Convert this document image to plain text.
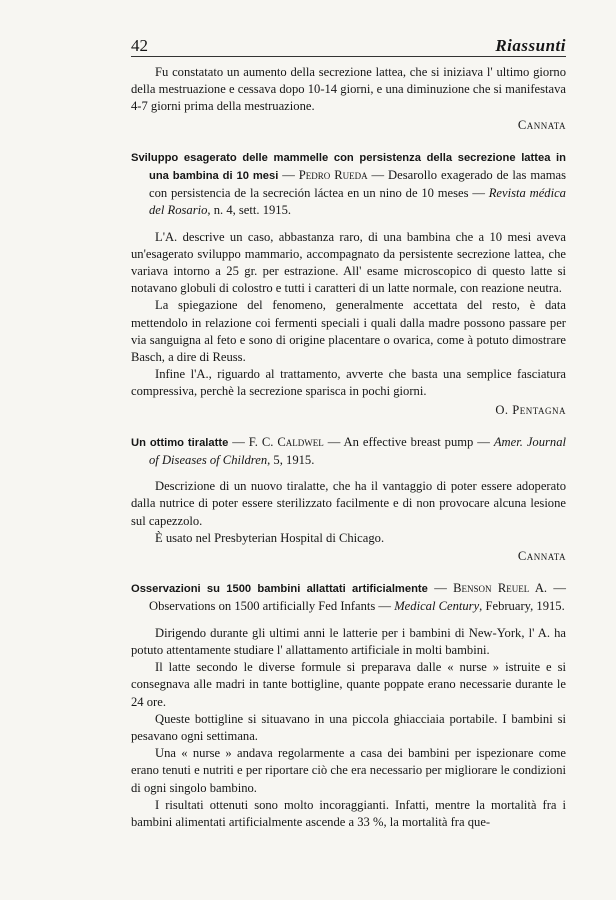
42	Riassunti

Fu constatato un aumento della secrezione lattea, che si iniziava l' ultimo giorno della mestruazione e cessava dopo 10-14 giorni, e una diminuzione che si manifestava 4-7 giorni prima della mestruazione.

Cannata

Sviluppo esagerato delle mammelle con persistenza della secrezione lattea in una bambina di 10 mesi — Pedro Rueda — Desarollo exagerado de las mamas con persistencia de la secreción láctea en un nino de 10 meses — Revista médica del Rosario, n. 4, sett. 1915.

L'A. descrive un caso, abbastanza raro, di una bambina che a 10 mesi aveva un'esagerato sviluppo mammario, accompagnato da persistente secrezione lattea, che variava intorno a 25 gr. per estrazione. All' esame microscopico di questo latte si notavano globuli di colostro e tutti i caratteri di un latte normale, con reazione neutra.

La spiegazione del fenomeno, generalmente accettata del resto, è data mettendolo in relazione coi fermenti speciali i quali dalla madre possono passare per via sanguigna al feto e sono di origine placentare o ovarica, come à potuto dimostrare Basch, a dire di Reuss.

Infine l'A., riguardo al trattamento, avverte che basta una semplice fasciatura compressiva, perchè la secrezione sparisca in pochi giorni.

O. Pentagna

Un ottimo tiralatte — F. C. Caldwel — An effective breast pump — Amer. Journal of Diseases of Children, 5, 1915.

Descrizione di un nuovo tiralatte, che ha il vantaggio di poter essere adoperato dalla nutrice di poter essere sterilizzato facilmente e di non provocare alcuna lesione sul capezzolo.

È usato nel Presbyterian Hospital di Chicago.

Cannata

Osservazioni su 1500 bambini allattati artificialmente — Benson Reuel A. — Observations on 1500 artificially Fed Infants — Medical Century, February, 1915.

Dirigendo durante gli ultimi anni le latterie per i bambini di New-York, l' A. ha potuto attentamente studiare l' allattamento artificiale in molti bambini.

Il latte secondo le diverse formule si preparava dalle « nurse » istruite e si consegnava alle madri in tante bottigline, quante poppate erano necessarie durante le 24 ore.

Queste bottigline si situavano in una piccola ghiacciaia portabile. I bambini si pesavano ogni settimana.

Una « nurse » andava regolarmente a casa dei bambini per ispezionare come erano tenuti e nutriti e per riportare ciò che era necessario per migliorare le condizioni di ogni singolo bambino.

I risultati ottenuti sono molto incoraggianti. Infatti, mentre la mortalità fra i bambini alimentati artificialmente ascende a 33 %, la mortalità fra que-
